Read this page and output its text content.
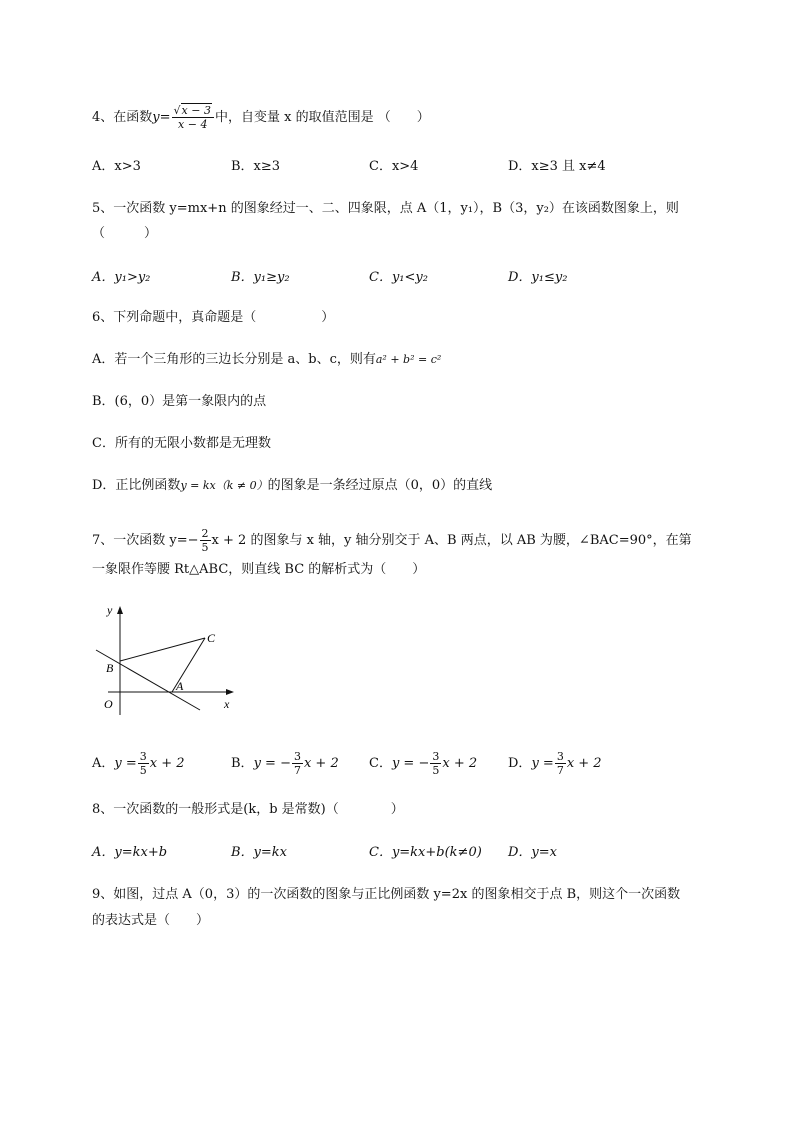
4、在函数$y= \frac{√x - 3}{x - 4}$ 中，自变量 x 的取值范围是 （　　）
A．x>3	B．x≥3	C．x>4	D．x≥3 且 x≠4
5、一次函数 y=mx+n 的图象经过一、二、四象限，点 A（1，y₁），B（3，y₂）在该函数图象上，则
（　　　）
A．y₁>y₂	B．y₁≥y₂	C．y₁<y₂	D．y₁≤y₂
6、下列命题中，真命题是（　　　　　）
A．若一个三角形的三边长分别是 a、b、c，则有a² + b² = c²
B．(6，0）是第一象限内的点
C．所有的无限小数都是无理数
D．正比例函数y = kx（k ≠ 0）的图象是一条经过原点（0，0）的直线
7、一次函数 $y=- \frac{2}{5}$ x + 2 的图象与 x 轴，y 轴分别交于 A、B 两点，以 AB 为腰，∠BAC=90°，在第
一象限作等腰 Rt△ABC，则直线 BC 的解析式为（　　）
y
x
O
B
A
C
A．$y = \frac{3}{5}$ x + 2	B．y = − $\frac{3}{7}$ x + 2 C．y = − $\frac{3}{5}$ x + 2 D．$y = \frac{3}{7}$ x + 2
8、一次函数的一般形式是(k，b 是常数)（　　　　）
A．y=kx+b	B．y=kx	C．y=kx+b(k≠0) D．y=x
9、如图，过点 A（0，3）的一次函数的图象与正比例函数 y=2x 的图象相交于点 B，则这个一次函数
的表达式是（　　）
